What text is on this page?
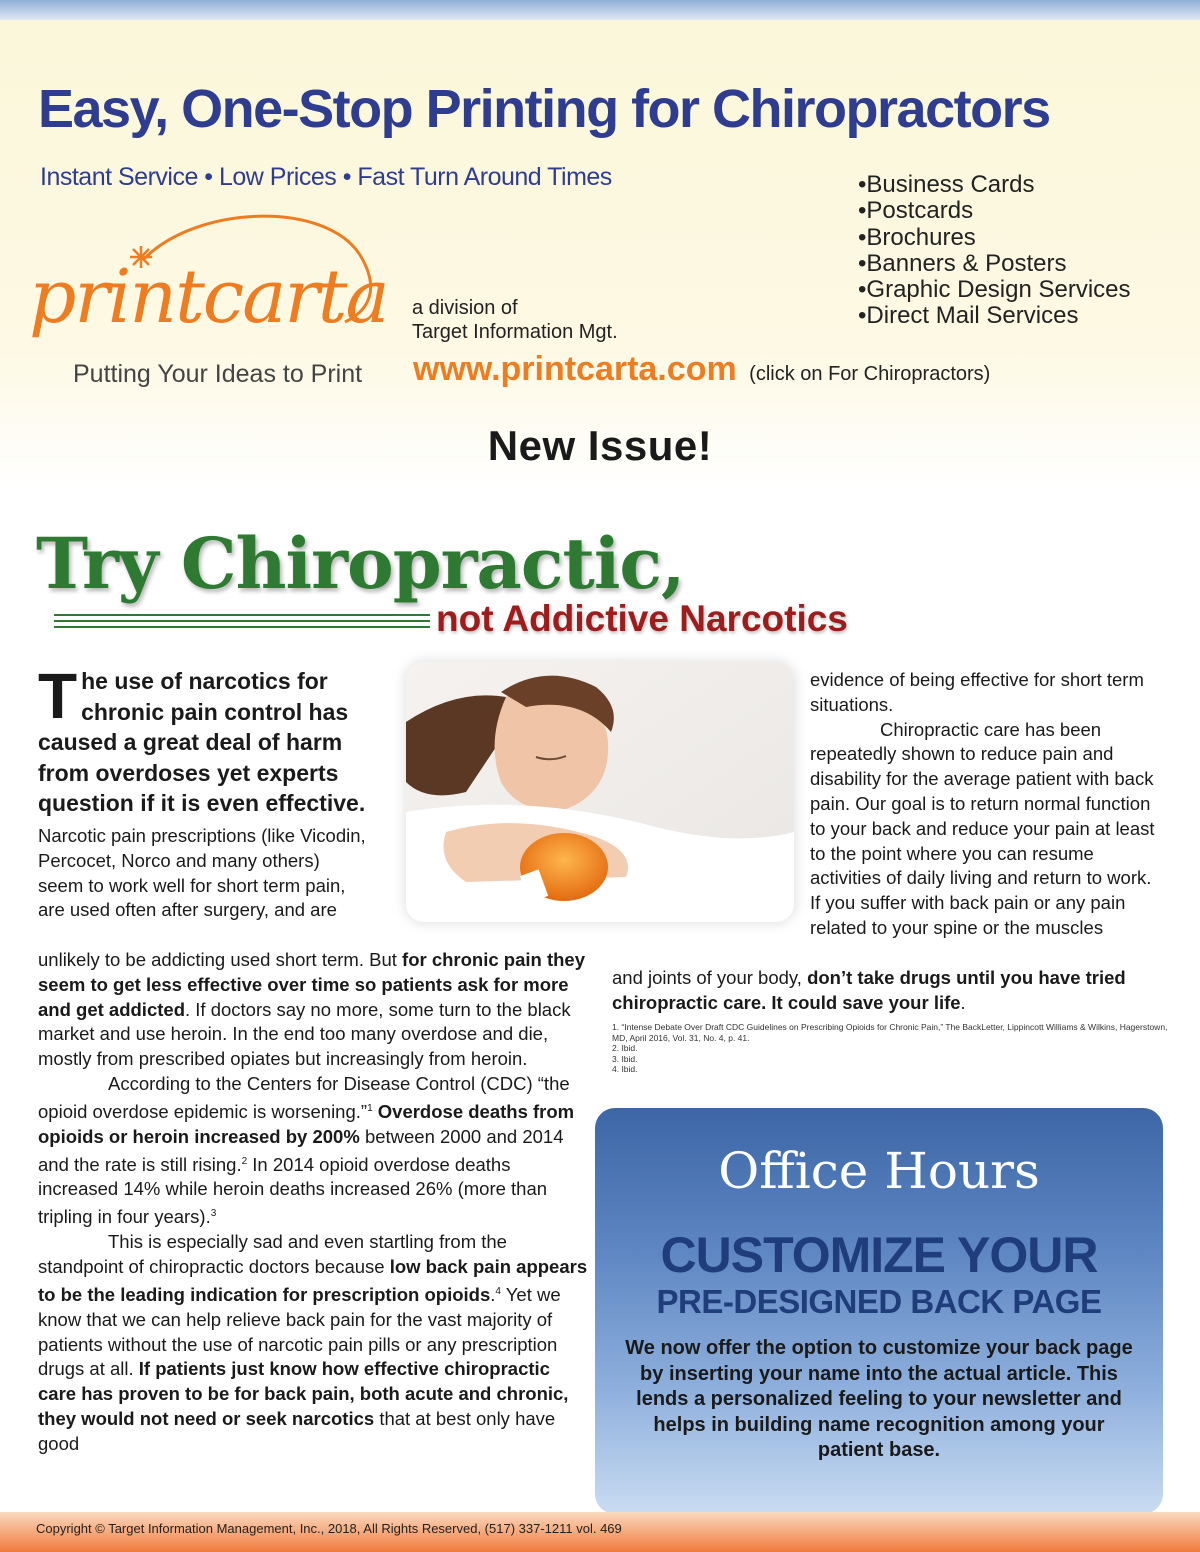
Easy, One-Stop Printing for Chiropractors
Instant Service • Low Prices • Fast Turn Around Times
•	Business Cards
• Postcards
• Brochures
• Banners & Posters
• Graphic Design Services
• Direct Mail Services
printcarta
Putting Your Ideas to Print
a division of
Target Information Mgt.
www.printcarta.com (click on For Chiropractors)
New Issue!
Try Chiropractic,
not Addictive Narcotics
The use of narcotics for chronic pain control has caused a great deal of harm from overdoses yet experts question if it is even effective.
Narcotic pain prescriptions (like Vicodin, Percocet, Norco and many others) seem to work well for short term pain, are used often after surgery, and are
unlikely to be addicting used short term. But for chronic pain they seem to get less effective over time so patients ask for more and get addicted. If doctors say no more, some turn to the black market and use heroin. In the end too many overdose and die, mostly from prescribed opiates but increasingly from heroin.
According to the Centers for Disease Control (CDC) “the opioid overdose epidemic is worsening.”$^1$ Overdose deaths from opioids or heroin increased by 200% between 2000 and 2014 and the rate is still rising.$^2$ In 2014 opioid overdose deaths increased 14% while heroin deaths increased 26% (more than tripling in four years).$^3$
This is especially sad and even startling from the standpoint of chiropractic doctors because low back pain appears to be the leading indication for prescription opioids.$^4$ Yet we know that we can help relieve back pain for the vast majority of patients without the use of narcotic pain pills or any prescription drugs at all. If patients just know how effective chiropractic care has proven to be for back pain, both acute and chronic, they would not need or seek narcotics that at best only have good
evidence of being effective for short term situations.
Chiropractic care has been repeatedly shown to reduce pain and disability for the average patient with back pain. Our goal is to return normal function to your back and reduce your pain at least to the point where you can resume activities of daily living and return to work. If you suffer with back pain or any pain related to your spine or the muscles
and joints of your body, don’t take drugs until you have tried chiropractic care. It could save your life.
1. “Intense Debate Over Draft CDC Guidelines on Prescribing Opioids for Chronic Pain,” The BackLetter, Lippincott Williams & Wilkins, Hagerstown, MD, April 2016, Vol. 31, No. 4, p. 41.
2. Ibid.
3. Ibid.
4. Ibid.
Office Hours
CUSTOMIZE YOUR
PRE-DESIGNED BACK PAGE
We now offer the option to customize your back page by inserting your name into the actual article. This lends a personalized feeling to your newsletter and helps in building name recognition among your patient base.
Copyright © Target Information Management, Inc., 2018, All Rights Reserved, (517) 337-1211 vol. 469
